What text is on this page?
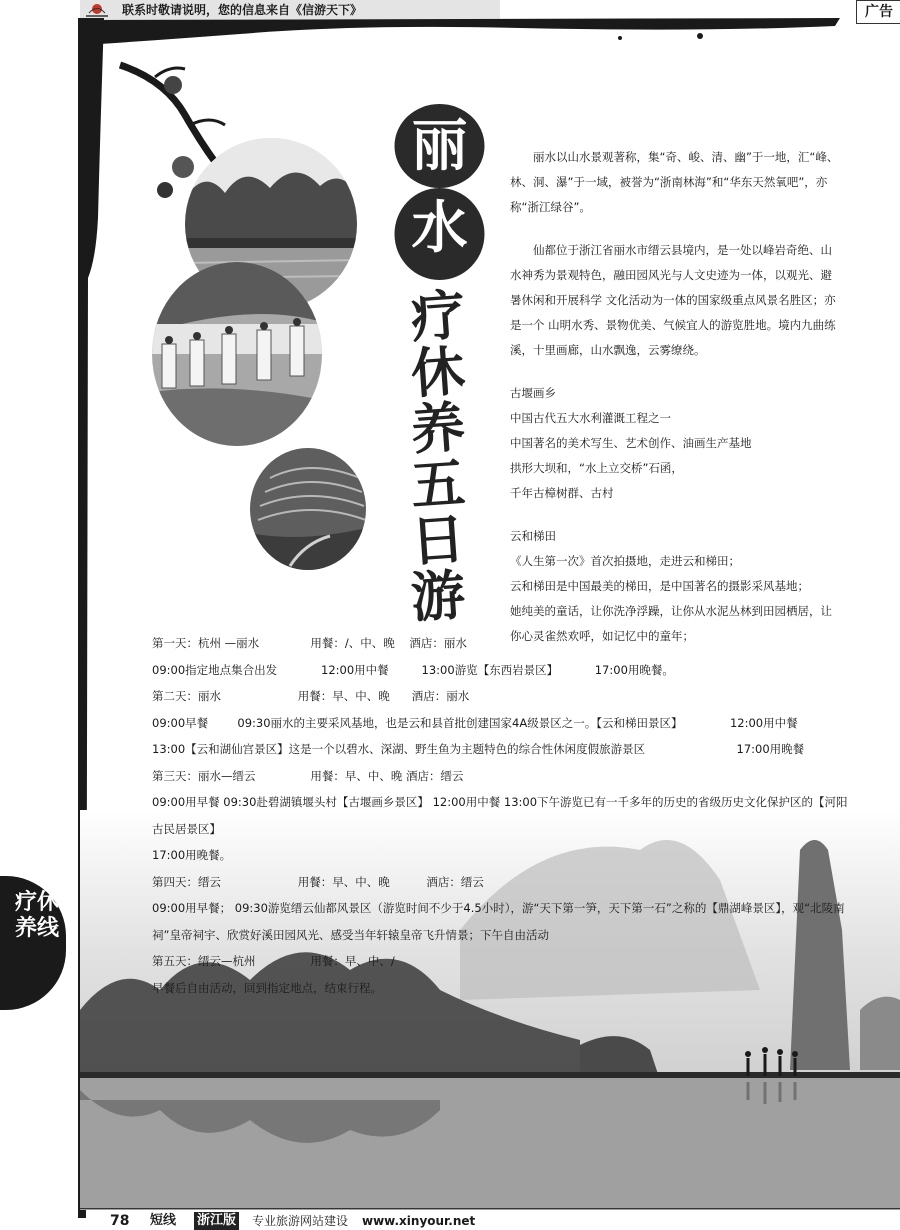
联系时敬请说明，您的信息来自《信游天下》	广告
丽
水
疗
休
养
五
日
游

丽水以山水景观著称，集“奇、峻、清、幽”于一地，汇“峰、林、洞、瀑”于一域，被誉为“浙南林海”和“华东天然氧吧”，亦称“浙江绿谷”。

仙都位于浙江省丽水市缙云县境内，是一处以峰岩奇绝、山水神秀为景观特色，融田园风光与人文史迹为一体，以观光、避暑休闲和开展科学 文化活动为一体的国家级重点风景名胜区；亦是一个 山明水秀、景物优美、气候宜人的游览胜地。境内九曲练溪，十里画廊，山水飘逸，云雾缭绕。

古堰画乡

中国古代五大水利灌溉工程之一

中国著名的美术写生、艺术创作、油画生产基地

拱形大坝和，“水上立交桥”石函，

千年古樟树群、古村

云和梯田

《人生第一次》首次拍摄地，走进云和梯田；

云和梯田是中国最美的梯田，是中国著名的摄影采风基地；

她纯美的童话，让你洗净浮躁，让你从水泥丛林到田园栖居，让你心灵雀然欢呼，如记忆中的童年；

第一天：杭州 —丽水              用餐：/、中、晚    酒店：丽水

09:00指定地点集合出发            12:00用中餐         13:00游览【东西岩景区】          17:00用晚餐。

第二天：丽水                     用餐：早、中、晚      酒店：丽水

09:00早餐        09:30丽水的主要采风基地，也是云和县首批创建国家4A级景区之一。【云和梯田景区】             12:00用中餐

13:00【云和湖仙宫景区】这是一个以碧水、深湖、野生鱼为主题特色的综合性休闲度假旅游景区                         17:00用晚餐

第三天：丽水—缙云               用餐：早、中、晚 酒店：缙云

09:00用早餐 09:30赴碧湖镇堰头村【古堰画乡景区】 12:00用中餐 13:00下午游览已有一千多年的历史的省级历史文化保护区的【河阳古民居景区】

17:00用晚餐。

第四天：缙云                     用餐：早、中、晚          酒店：缙云

09:00用早餐； 09:30游览缙云仙都风景区（游览时间不少于4.5小时），游“天下第一笋，天下第一石”之称的【鼎湖峰景区】，观“北陵南祠”皇帝祠宇、欣赏好溪田园风光、感受当年轩辕皇帝飞升情景；下午自由活动

第五天：缙云—杭州               用餐：早、中、/

早餐后自由活动，回到指定地点，结束行程。

疗休
养线
78 短线 浙江版 专业旅游网站建设 www.xinyour.net
